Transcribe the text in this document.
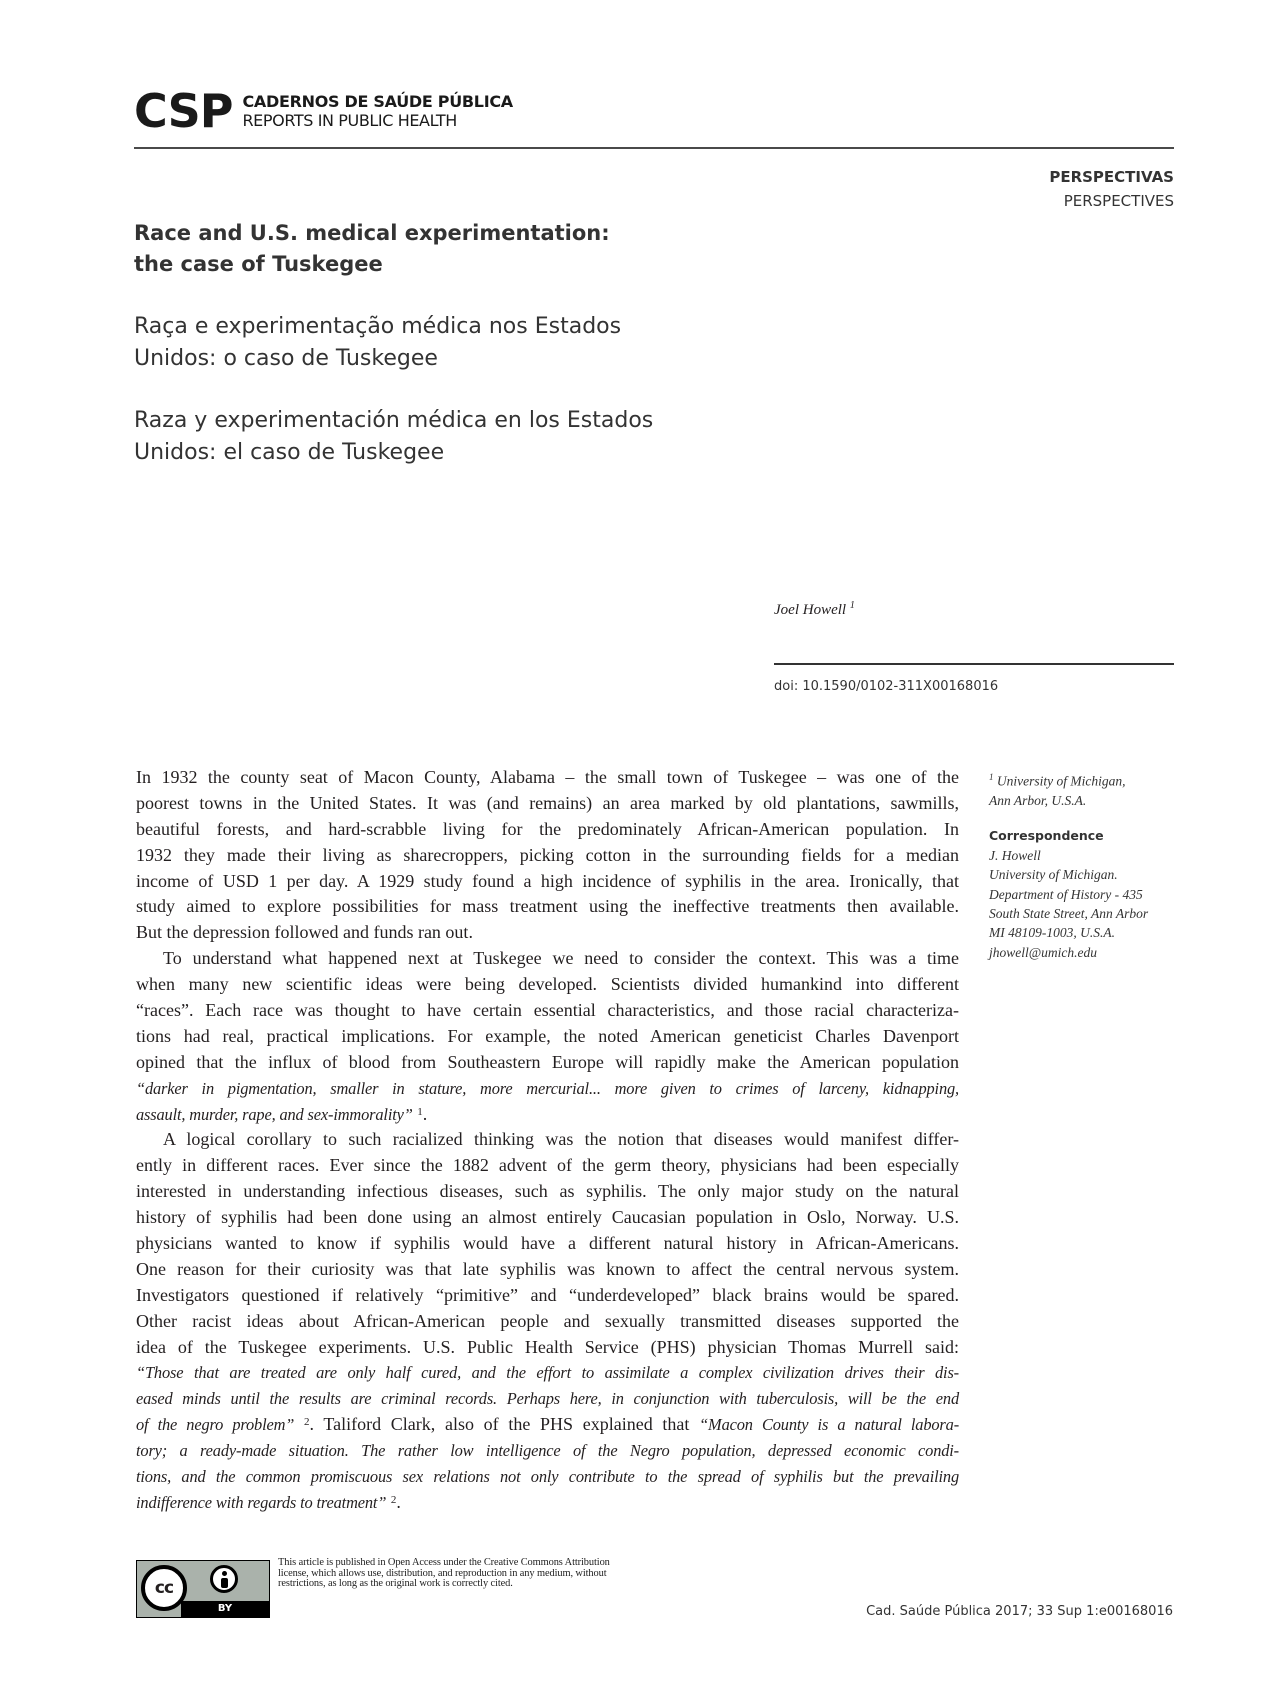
CSP CADERNOS DE SAÚDE PÚBLICA
REPORTS IN PUBLIC HEALTH
PERSPECTIVAS
PERSPECTIVES
Race and U.S. medical experimentation:
the case of Tuskegee
Raça e experimentação médica nos Estados
Unidos: o caso de Tuskegee
Raza y experimentación médica en los Estados
Unidos: el caso de Tuskegee
Joel Howell $^1$
doi: 10.1590/0102-311X00168016
In 1932 the county seat of Macon County, Alabama – the small town of Tuskegee – was one of the
poorest towns in the United States. It was (and remains) an area marked by old plantations, sawmills,
beautiful forests, and hard-scrabble living for the predominately African-American population. In
1932 they made their living as sharecroppers, picking cotton in the surrounding fields for a median
income of USD 1 per day. A 1929 study found a high incidence of syphilis in the area. Ironically, that
study aimed to explore possibilities for mass treatment using the ineffective treatments then available.
But the depression followed and funds ran out.
To understand what happened next at Tuskegee we need to consider the context. This was a time
when many new scientific ideas were being developed. Scientists divided humankind into different
“races”. Each race was thought to have certain essential characteristics, and those racial characteriza-
tions had real, practical implications. For example, the noted American geneticist Charles Davenport
opined that the influx of blood from Southeastern Europe will rapidly make the American population
“darker in pigmentation, smaller in stature, more mercurial... more given to crimes of larceny, kidnapping,
assault, murder, rape, and sex-immorality” $^1$.
A logical corollary to such racialized thinking was the notion that diseases would manifest differ-
ently in different races. Ever since the 1882 advent of the germ theory, physicians had been especially
interested in understanding infectious diseases, such as syphilis. The only major study on the natural
history of syphilis had been done using an almost entirely Caucasian population in Oslo, Norway. U.S.
physicians wanted to know if syphilis would have a different natural history in African-Americans.
One reason for their curiosity was that late syphilis was known to affect the central nervous system.
Investigators questioned if relatively “primitive” and “underdeveloped” black brains would be spared.
Other racist ideas about African-American people and sexually transmitted diseases supported the
idea of the Tuskegee experiments. U.S. Public Health Service (PHS) physician Thomas Murrell said:
“Those that are treated are only half cured, and the effort to assimilate a complex civilization drives their dis-
eased minds until the results are criminal records. Perhaps here, in conjunction with tuberculosis, will be the end
of the negro problem” $^2$. Taliford Clark, also of the PHS explained that “Macon County is a natural labora-
tory; a ready-made situation. The rather low intelligence of the Negro population, depressed economic condi-
tions, and the common promiscuous sex relations not only contribute to the spread of syphilis but the prevailing
indifference with regards to treatment” $^2$.
$^1$ University of Michigan,
Ann Arbor, U.S.A.
Correspondence
J. Howell
University of Michigan.
Department of History - 435
South State Street, Ann Arbor
MI 48109-1003, U.S.A.
jhowell@umich.edu
cc
BY
This article is published in Open Access under the Creative Commons Attribution license, which allows use, distribution, and reproduction in any medium, without restrictions, as long as the original work is correctly cited.
Cad. Saúde Pública 2017; 33 Sup 1:e00168016
